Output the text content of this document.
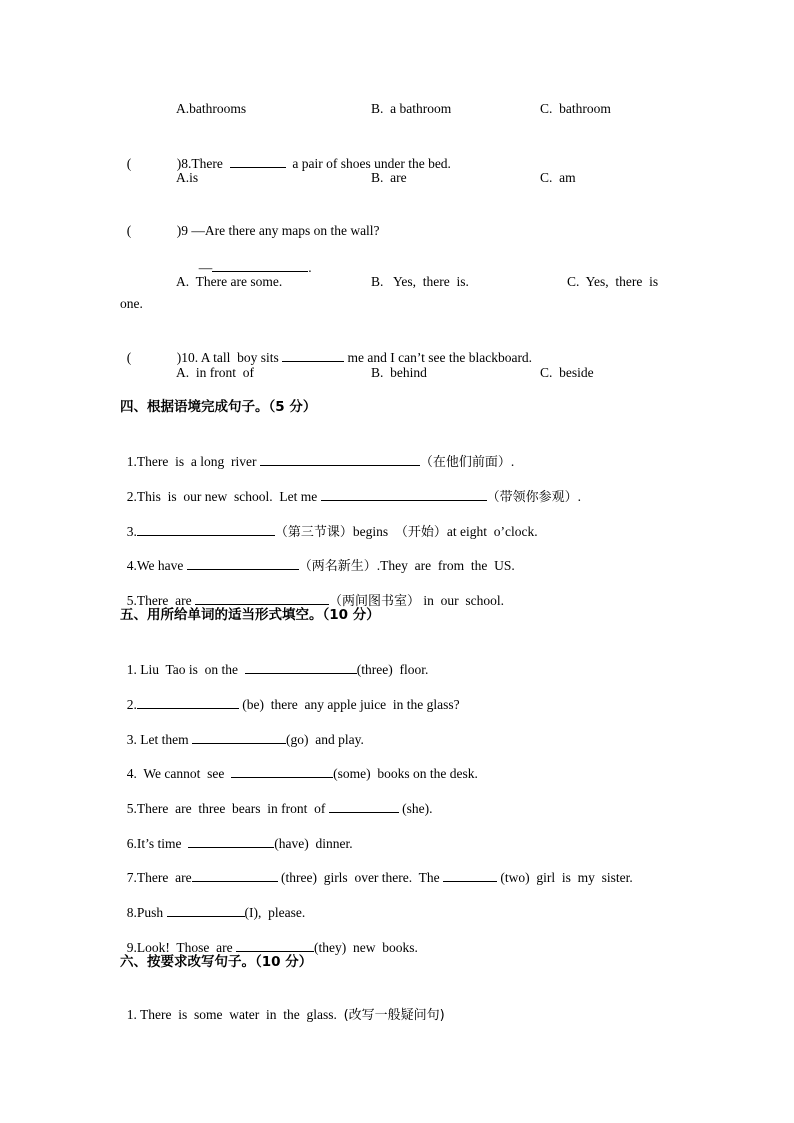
A.bathrooms	B.  a bathroom	C.  bathroom

(	)8.There	a pair of shoes under the bed.

A.is	B.  are	C.  am

(	)9 —Are there any maps on the wall?

—	.

A.  There are some.	B.   Yes,  there  is.	C.  Yes,  there  is
one.

(	)10. A tall  boy sits	me and I can’t see the blackboard.

A.  in front  of	B.  behind	C.  beside
四、根据语境完成句子。（5 分）

1.There  is  a long  river	（在他们前面）.

2.This  is  our new  school.  Let me	（带领你参观）.

3.	（第三节课）begins （开始）at eight  o’clock.

4.We have	（两名新生）.They  are  from  the  US.

5.There  are	（两间图书室） in  our  school.

五、用所给单词的适当形式填空。（10 分）

1. Liu  Tao is  on the	(three)  floor.

2.	(be)  there  any apple juice  in the glass?

3. Let them	(go)  and play.

4.  We cannot  see	(some)  books on the desk.

5.There  are  three  bears  in front  of	(she).

6.It’s time	(have)  dinner.

7.There  are	(three)  girls  over there.  The	(two)  girl  is  my  sister.

8.Push	(I),  please.

9.Look!  Those  are	(they)  new  books.

六、按要求改写句子。（10 分）

1. There  is  some  water  in  the  glass. (改写一般疑问句)
